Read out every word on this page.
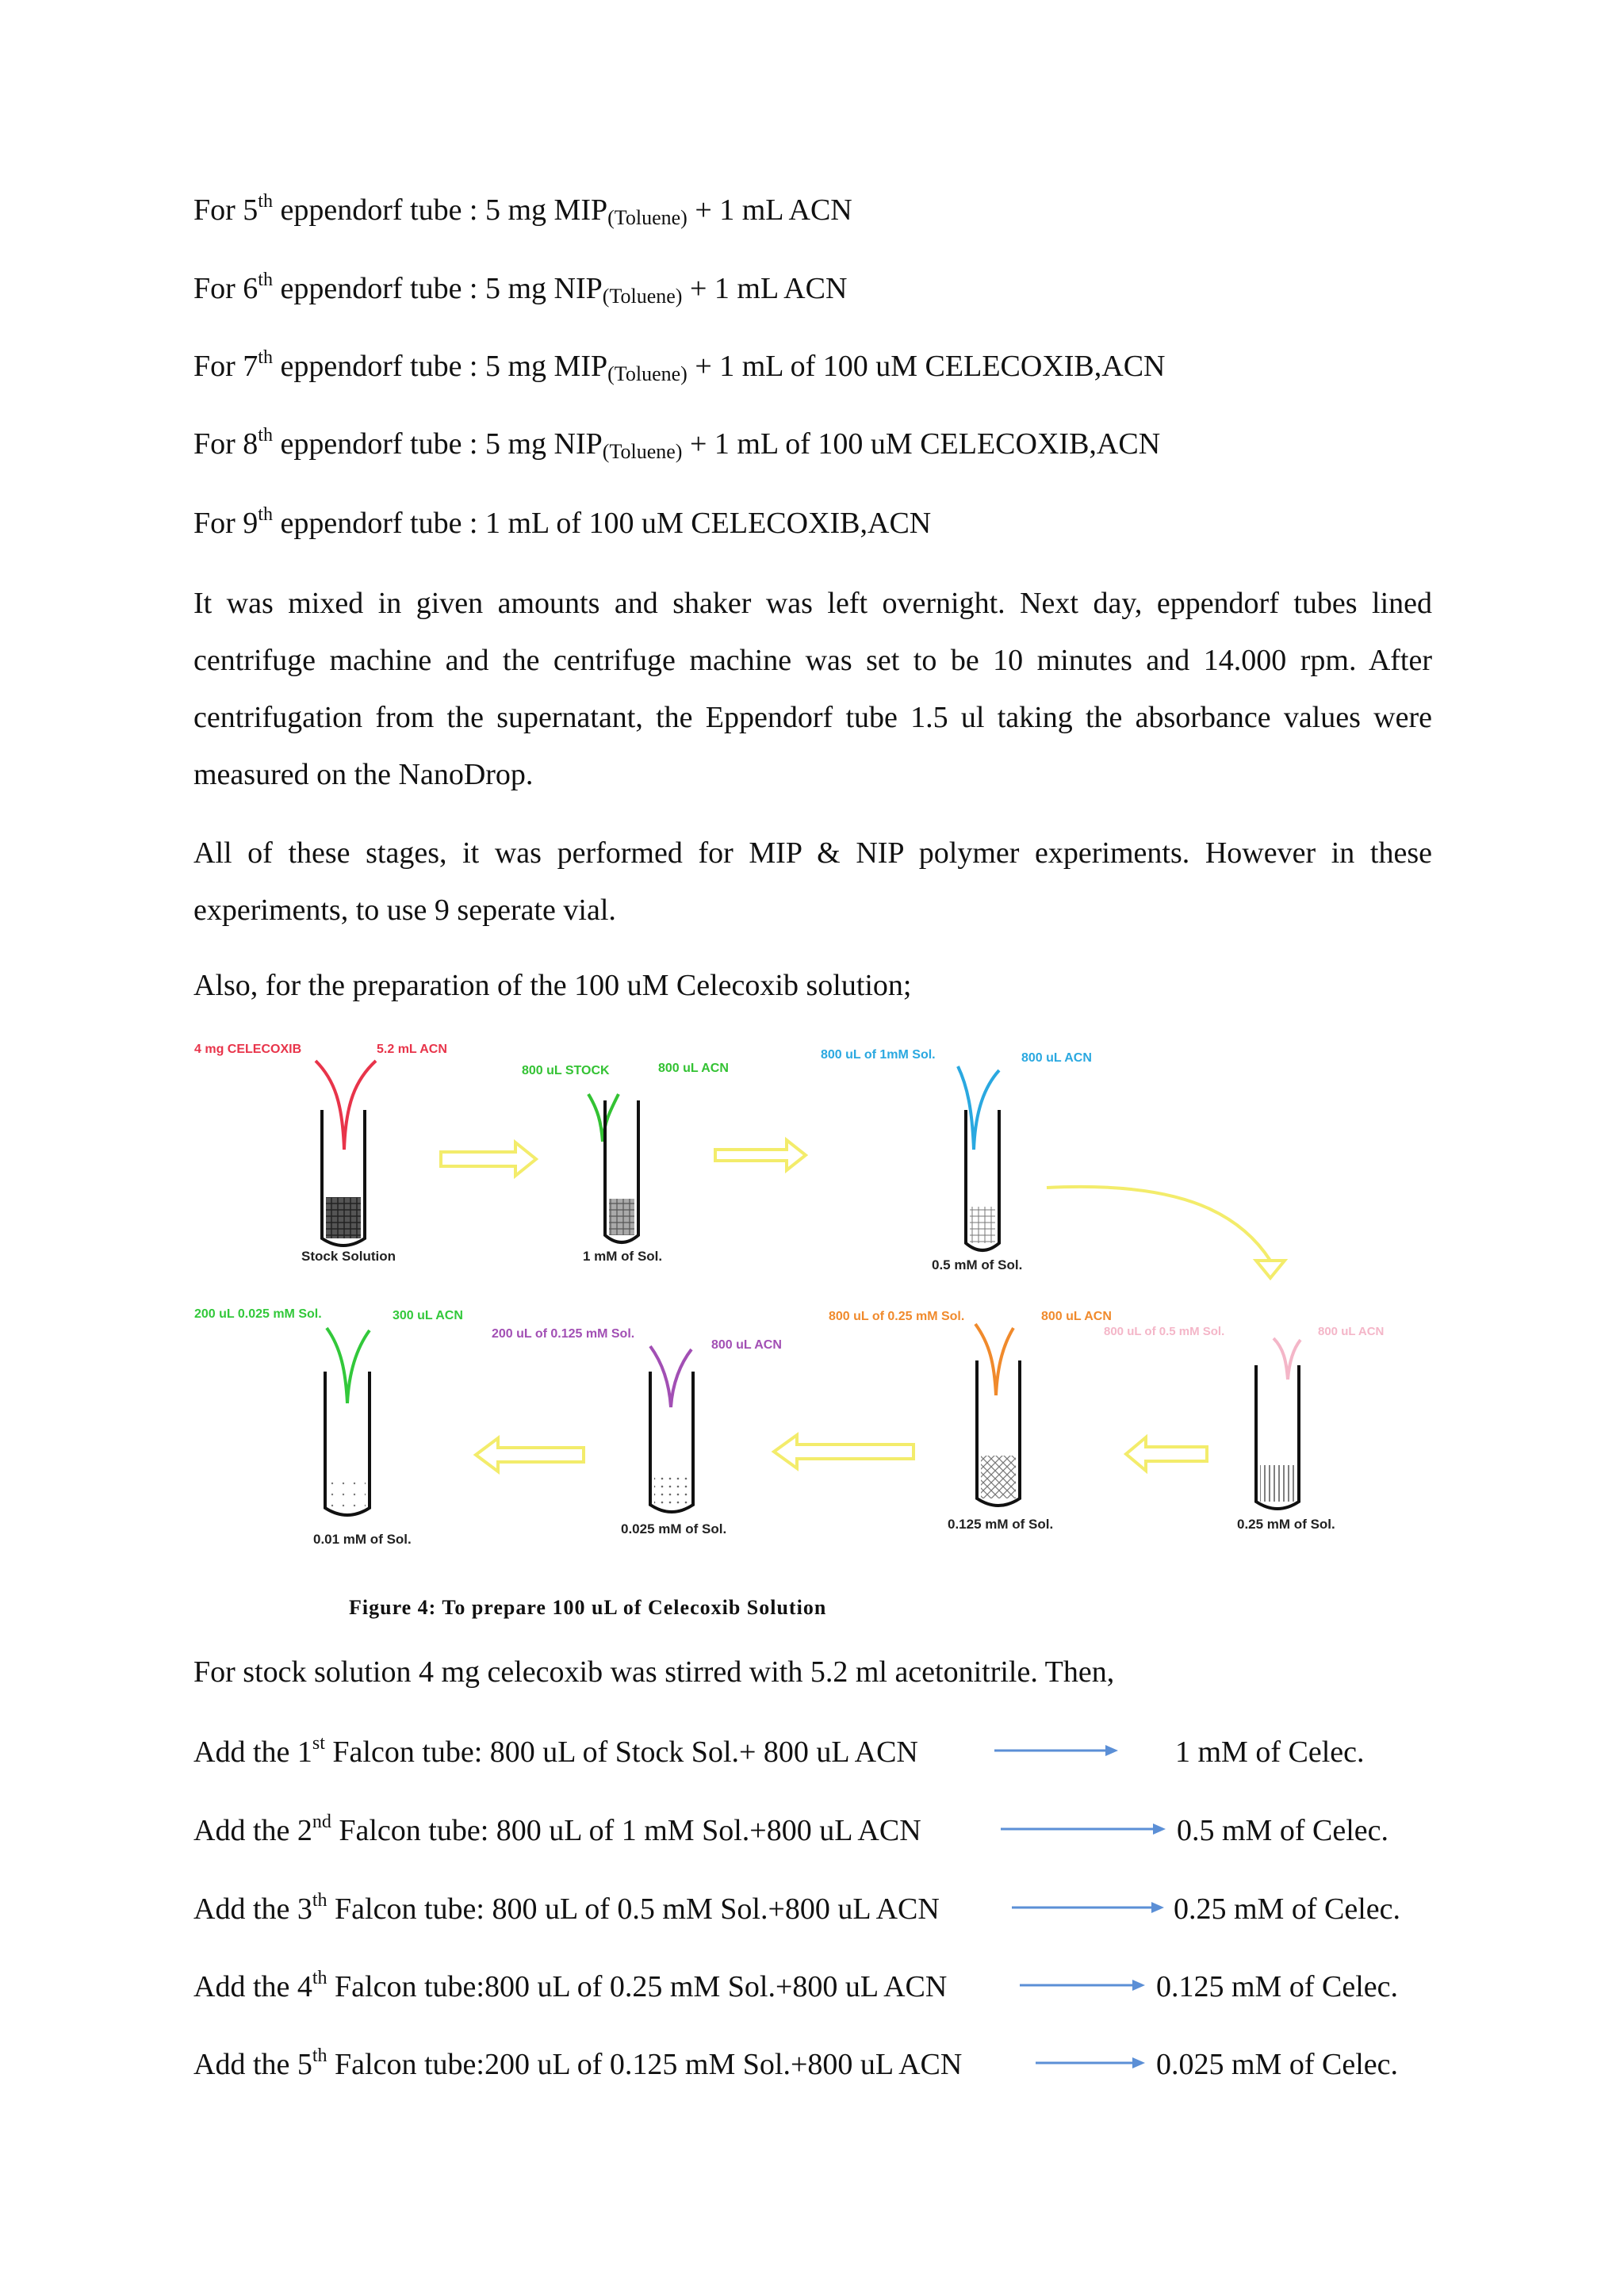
For 5th eppendorf tube : 5 mg $MIP_{(Toluene)} + 1$ mL ACN
For 6th eppendorf tube : 5 mg $NIP_{(Toluene)} + 1$ mL ACN
For 7th eppendorf tube : 5 mg $MIP_{(Toluene)} + 1$ mL of 100 uM CELECOXIB,ACN
For 8th eppendorf tube : 5 mg $NIP_{(Toluene)} + 1$ mL of 100 uM CELECOXIB,ACN
For 9th eppendorf tube : 1 mL of 100 uM CELECOXIB,ACN
It was mixed in given amounts and shaker was left overnight. Next day, eppendorf tubes lined centrifuge machine and the centrifuge machine was set to be 10 minutes and 14.000 rpm. After centrifugation from the supernatant, the Eppendorf tube 1.5 ul taking the absorbance values were measured on the NanoDrop.
All of these stages, it was performed for MIP & NIP polymer experiments. However in these experiments, to use 9 seperate vial.
Also, for the preparation of the 100 uM Celecoxib solution;
4 mg CELECOXIB	5.2 mL ACN
Stock Solution
800 uL STOCK	800 uL ACN
1 mM of Sol.
800 uL of 1mM Sol.	800 uL ACN
0.5 mM of Sol.
800 uL of 0.5 mM Sol.	800 uL ACN
0.25 mM of Sol.
800 uL of 0.25 mM Sol.	800 uL ACN
0.125 mM of Sol.
200 uL of 0.125 mM Sol.
800 uL ACN
0.025 mM of Sol.
200 uL 0.025 mM Sol.	300 uL ACN
0.01 mM of Sol.
Figure 4: To prepare 100 uL of Celecoxib Solution
For stock solution 4 mg celecoxib was stirred with 5.2 ml acetonitrile. Then,
Add the 1st Falcon tube: 800 uL of Stock Sol.+ 800 uL ACN	1 mM of Celec.
Add the 2nd Falcon tube: 800 uL of 1 mM Sol.+800 uL ACN	0.5 mM of Celec.
Add the 3th Falcon tube: 800 uL of 0.5 mM Sol.+800 uL ACN	0.25 mM of Celec.
Add the 4th Falcon tube:800 uL of 0.25 mM Sol.+800 uL ACN	0.125 mM of Celec.
Add the 5th Falcon tube:200 uL of 0.125 mM Sol.+800 uL ACN	0.025 mM of Celec.
